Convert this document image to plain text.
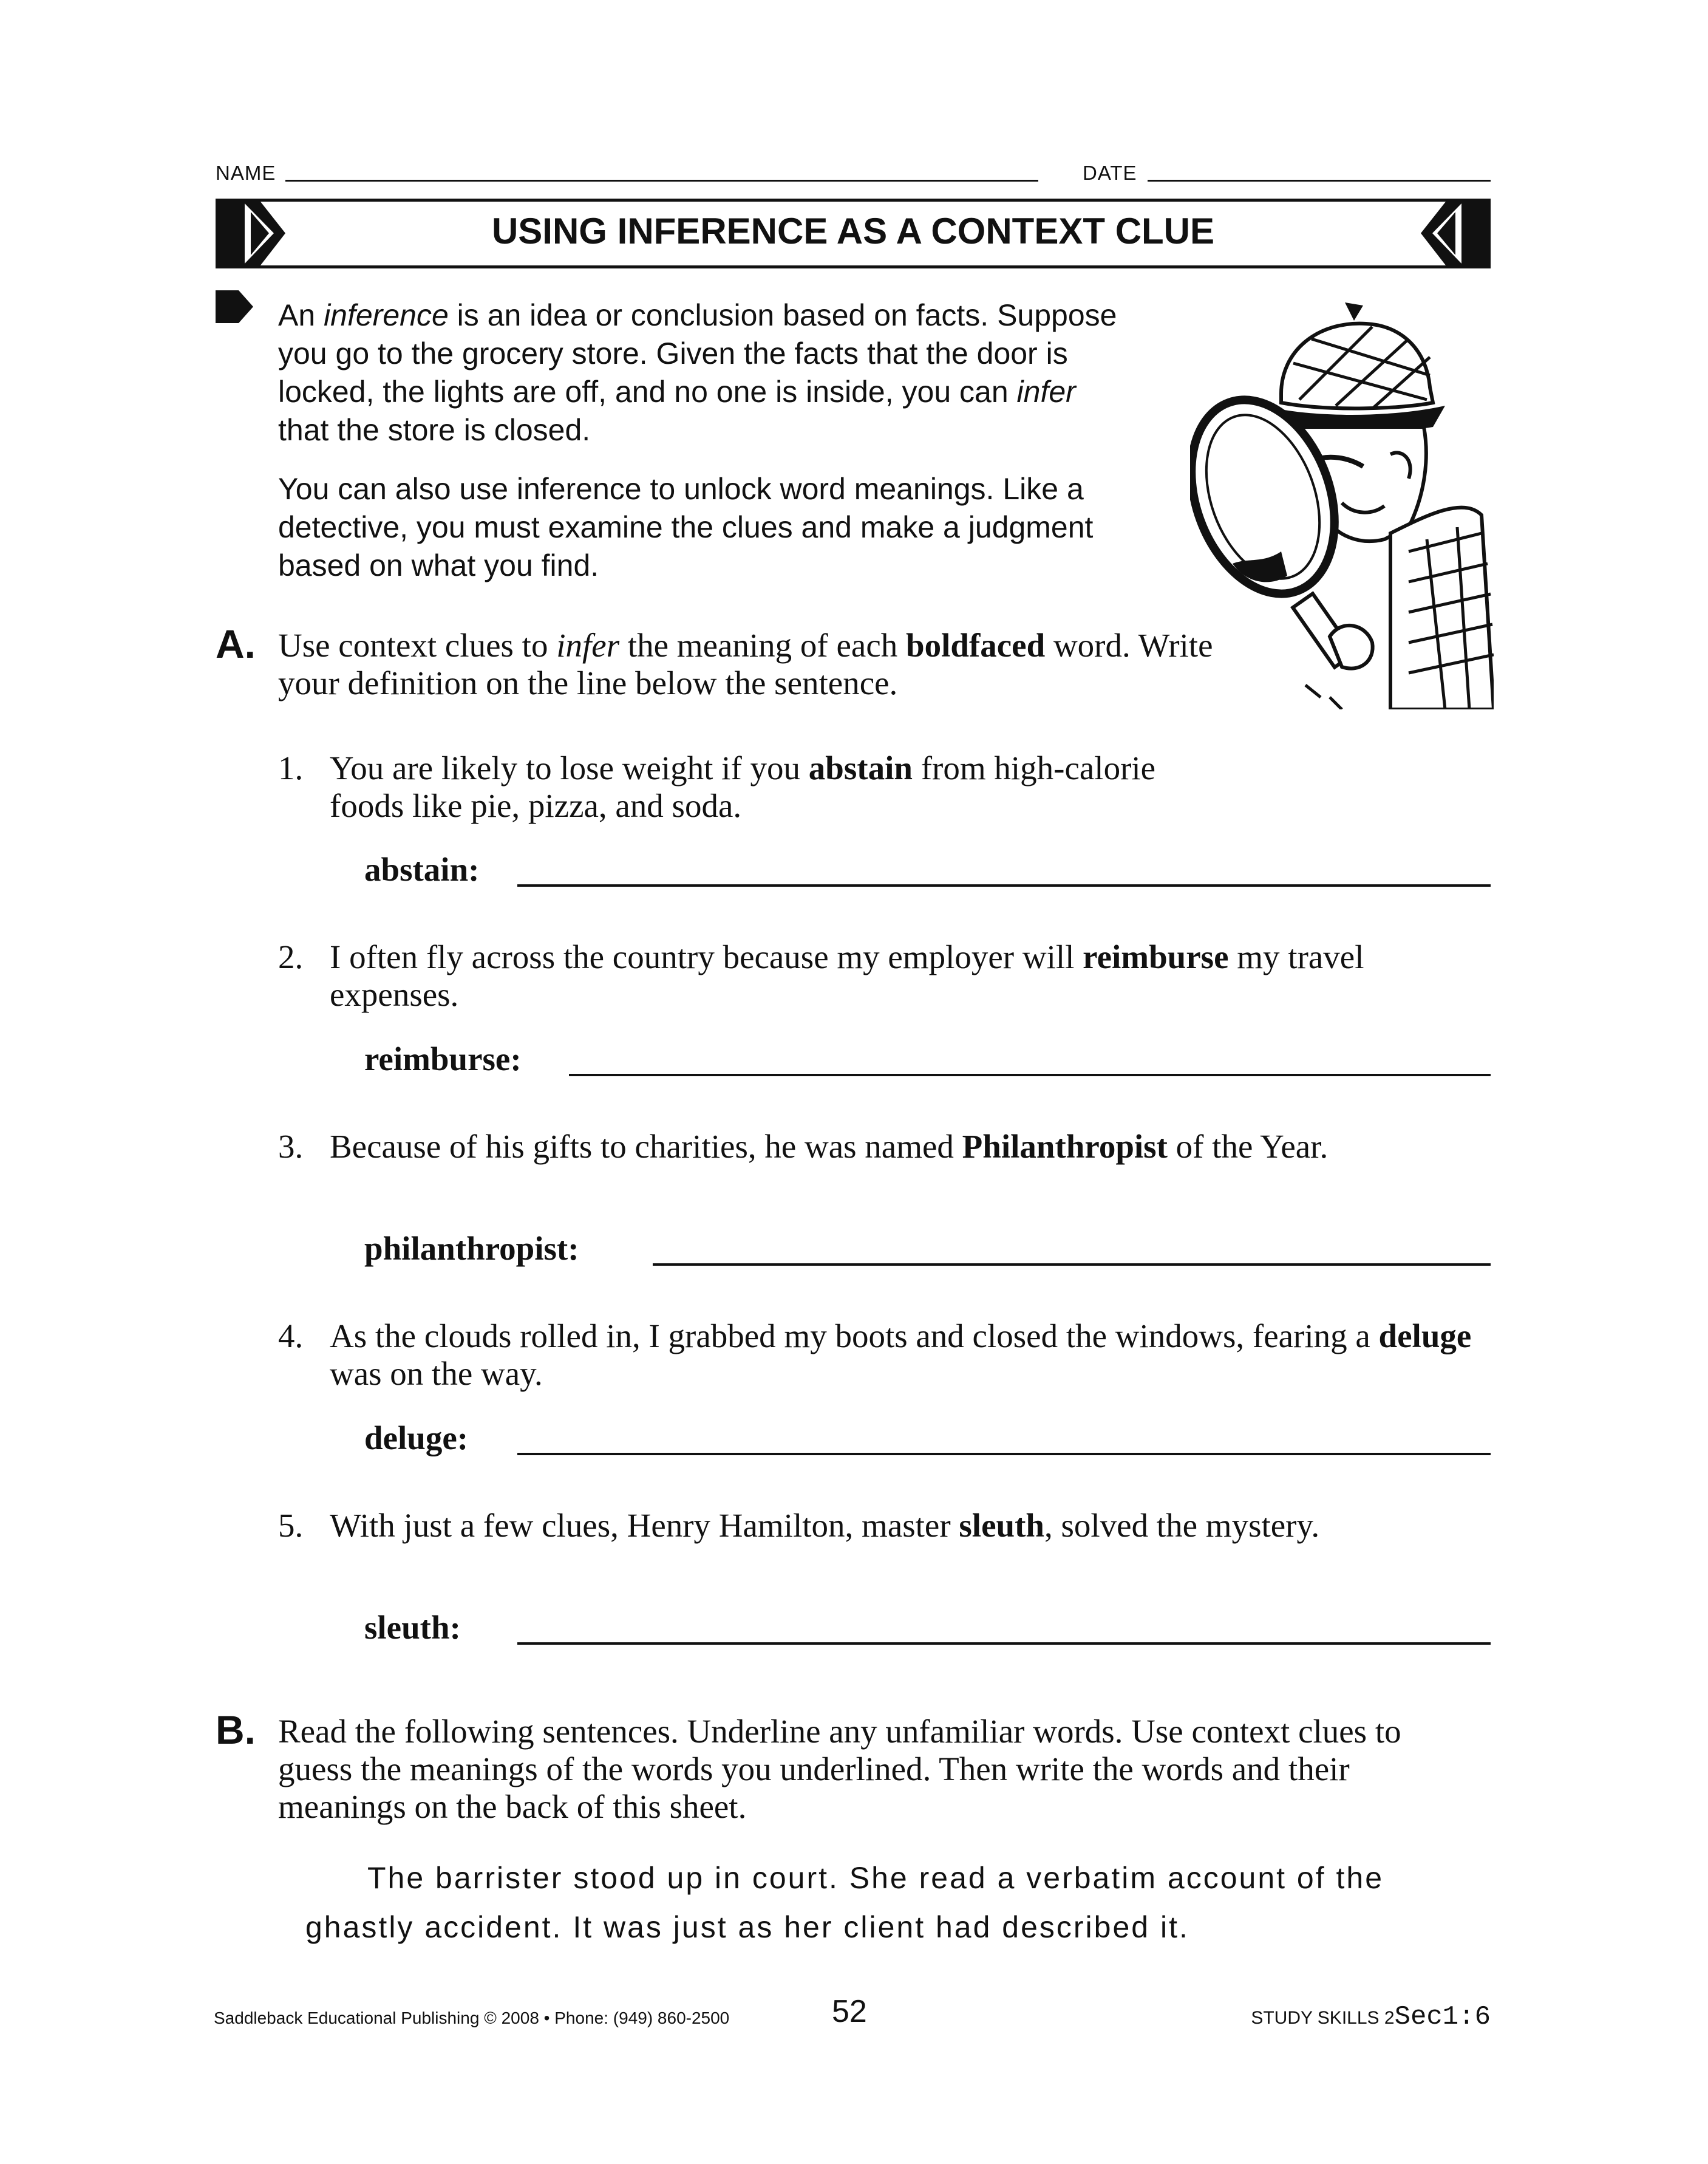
NAME	DATE
USING INFERENCE AS A CONTEXT CLUE
An inference is an idea or conclusion based on facts. Suppose you go to the grocery store. Given the facts that the door is locked, the lights are off, and no one is inside, you can infer that the store is closed.
You can also use inference to unlock word meanings. Like a detective, you must examine the clues and make a judgment based on what you find.
A. Use context clues to infer the meaning of each boldfaced word. Write your definition on the line below the sentence.
1. You are likely to lose weight if you abstain from high-calorie foods like pie, pizza, and soda.
abstain:
2. I often fly across the country because my employer will reimburse my travel expenses.
reimburse:
3. Because of his gifts to charities, he was named Philanthropist of the Year.
philanthropist:
4. As the clouds rolled in, I grabbed my boots and closed the windows, fearing a deluge was on the way.
deluge:
5. With just a few clues, Henry Hamilton, master sleuth, solved the mystery.
sleuth:
B. Read the following sentences. Underline any unfamiliar words. Use context clues to guess the meanings of the words you underlined. Then write the words and their meanings on the back of this sheet.
The barrister stood up in court. She read a verbatim account of the
ghastly accident. It was just as her client had described it.
Saddleback Educational Publishing © 2008 • Phone: (949) 860-2500	52	STUDY SKILLS 2Sec1:6
